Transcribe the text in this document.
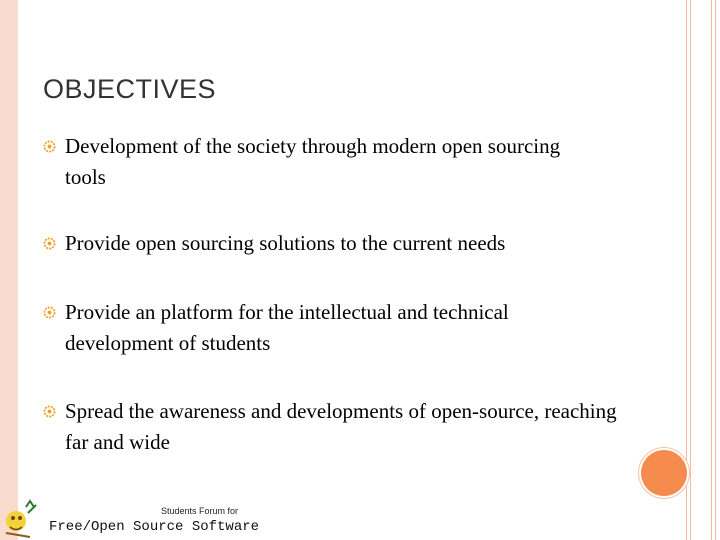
OBJECTIVES
Development of the society through modern open sourcing tools
Provide open sourcing solutions to the current needs
Provide an platform for the intellectual and technical development of students
Spread the awareness and developments of open-source, reaching far and wide
Students Forum for
Free/Open Source Software
